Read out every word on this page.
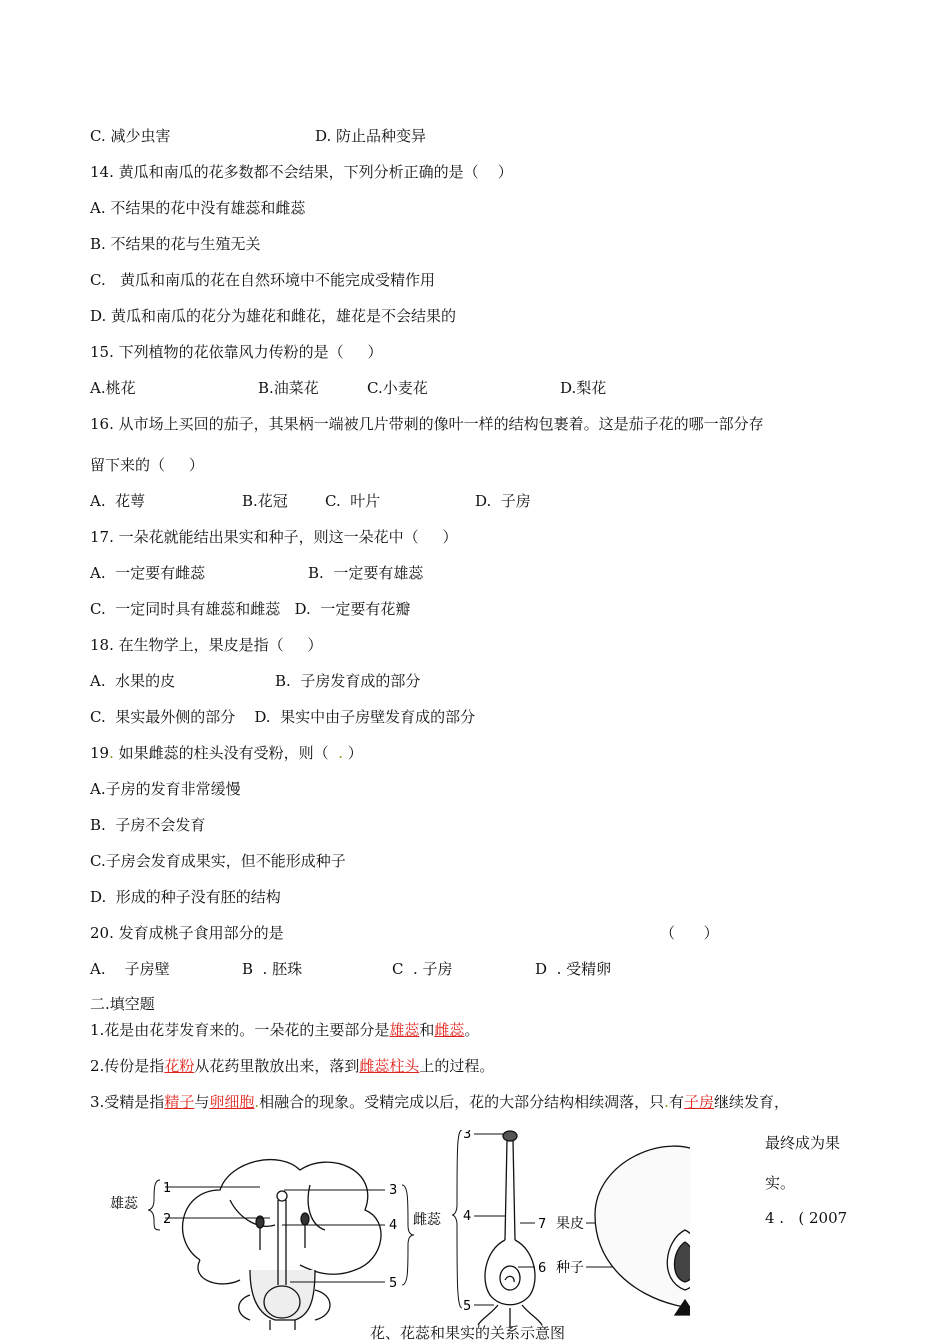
C. 减少虫害	D. 防止品种变异
14. 黄瓜和南瓜的花多数都不会结果，下列分析正确的是（    ）
A. 不结果的花中没有雄蕊和雌蕊
B. 不结果的花与生殖无关
C.   黄瓜和南瓜的花在自然环境中不能完成受精作用
D. 黄瓜和南瓜的花分为雄花和雌花，雄花是不会结果的
15. 下列植物的花依靠风力传粉的是（     ）
A.桃花	B.油菜花	C.小麦花	D.梨花
16. 从市场上买回的茄子，其果柄一端被几片带刺的像叶一样的结构包裹着。这是茄子花的哪一部分存
留下来的（     ）
A.  花萼	B.花冠 C.  叶片	D.  子房
17. 一朵花就能结出果实和种子，则这一朵花中（     ）
A.  一定要有雌蕊	B.  一定要有雄蕊
C.  一定同时具有雄蕊和雌蕊   D.  一定要有花瓣
18. 在生物学上，果皮是指（     ）
A.  水果的皮	B.  子房发育成的部分
C.  果实最外侧的部分    D.  果实中由子房壁发育成的部分
19. 如果雌蕊的柱头没有受粉，则（  . ）
A.子房的发育非常缓慢
B.  子房不会发育
C.子房会发育成果实，但不能形成种子
D.  形成的种子没有胚的结构
20. 发育成桃子食用部分的是	（      ）
A.    子房壁	B  . 胚珠	C  . 子房	D  . 受精卵
二.填空题
1.花是由花芽发育来的。一朵花的主要部分是雄蕊和雌蕊。
2.传份是指花粉从花药里散放出来，落到雌蕊柱头上的过程。
3.受精是指精子与卵细胞.相融合的现象。受精完成以后，花的大部分结构相续凋落，只.有子房继续发育，
最终成为果
实。
4 .   ( 2007
雄蕊
1
2
3
4
5
雌蕊
3
4
5
7 果皮
6 种子
花、花蕊和果实的关系示意图
